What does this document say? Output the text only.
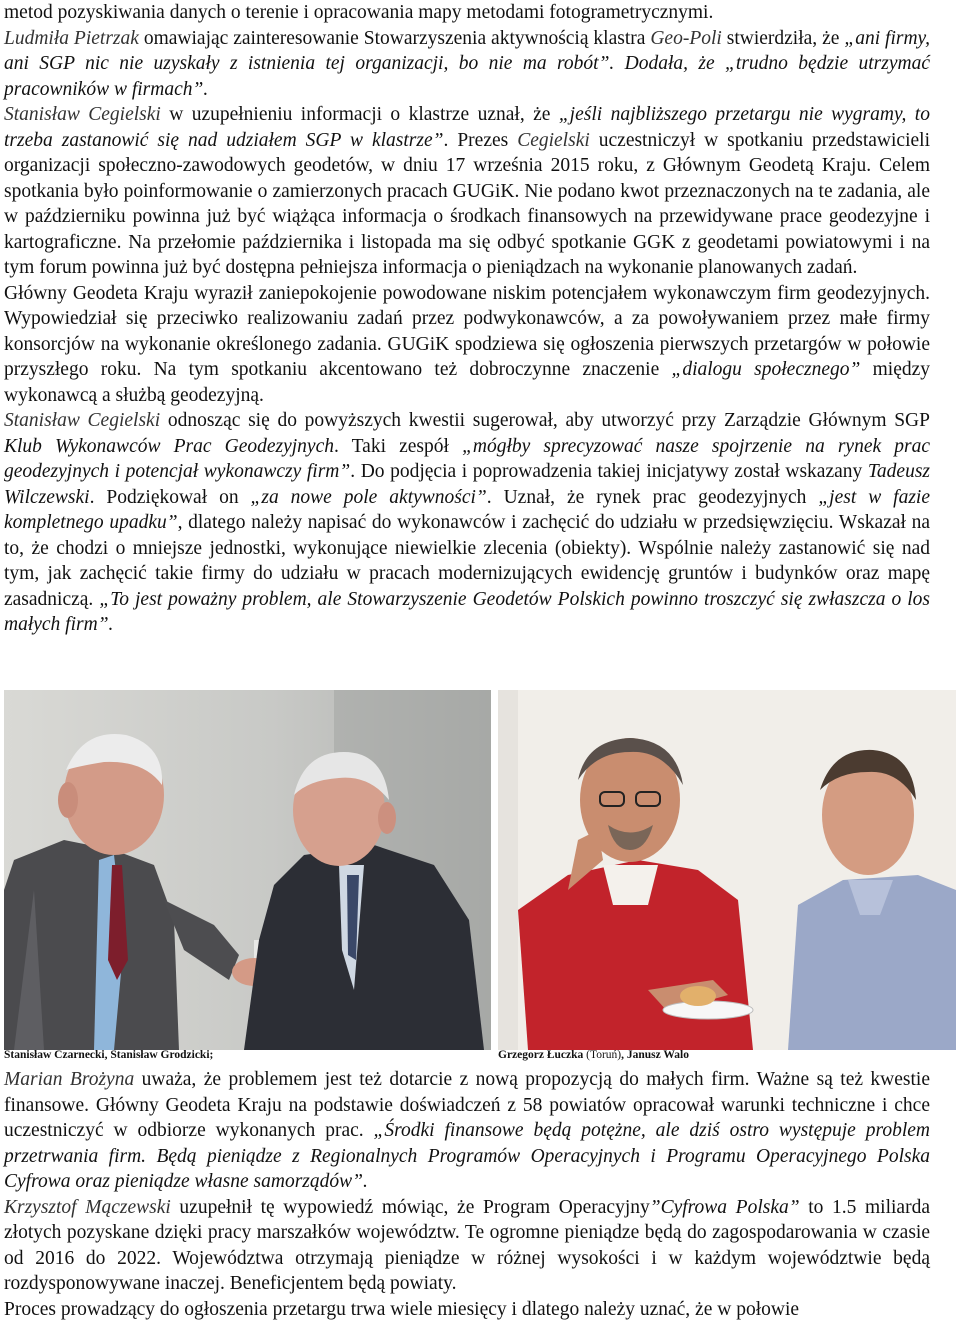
metod pozyskiwania danych o terenie i opracowania mapy metodami fotogrametrycznymi.

Ludmiła Pietrzak omawiając zainteresowanie Stowarzyszenia aktywnością klastra Geo-Poli stwierdziła, że „ani firmy, ani SGP nic nie uzyskały z istnienia tej organizacji, bo nie ma robót”. Dodała, że „trudno będzie utrzymać pracowników w firmach”.

Stanisław Cegielski w uzupełnieniu informacji o klastrze uznał, że „jeśli najbliższego przetargu nie wygramy, to trzeba zastanowić się nad udziałem SGP w klastrze”. Prezes Cegielski uczestniczył w spotkaniu przedstawicieli organizacji społeczno-zawodowych geodetów, w dniu 17 września 2015 roku, z Głównym Geodetą Kraju. Celem spotkania było poinformowanie o zamierzonych pracach GUGiK. Nie podano kwot przeznaczonych na te zadania, ale w październiku powinna już być wiążąca informacja o środkach finansowych na przewidywane prace geodezyjne i kartograficzne. Na przełomie października i listopada ma się odbyć spotkanie GGK z geodetami powiatowymi i na tym forum powinna już być dostępna pełniejsza informacja o pieniądzach na wykonanie planowanych zadań.

Główny Geodeta Kraju wyraził zaniepokojenie powodowane niskim potencjałem wykonawczym firm geodezyjnych. Wypowiedział się przeciwko realizowaniu zadań przez podwykonawców, a za powoływaniem przez małe firmy konsorcjów na wykonanie określonego zadania. GUGiK spodziewa się ogłoszenia pierwszych przetargów w połowie przyszłego roku. Na tym spotkaniu akcentowano też dobroczynne znaczenie „dialogu społecznego” między wykonawcą a służbą geodezyjną.

Stanisław Cegielski odnosząc się do powyższych kwestii sugerował, aby utworzyć przy Zarządzie Głównym SGP Klub Wykonawców Prac Geodezyjnych. Taki zespół „mógłby sprecyzować nasze spojrzenie na rynek prac geodezyjnych i potencjał wykonawczy firm”. Do podjęcia i poprowadzenia takiej inicjatywy został wskazany Tadeusz Wilczewski. Podziękował on „za nowe pole aktywności”. Uznał, że rynek prac geodezyjnych „jest w fazie kompletnego upadku”, dlatego należy napisać do wykonawców i zachęcić do udziału w przedsięwzięciu. Wskazał na to, że chodzi o mniejsze jednostki, wykonujące niewielkie zlecenia (obiekty). Wspólnie należy zastanowić się nad tym, jak zachęcić takie firmy do udziału w pracach modernizujących ewidencję gruntów i budynków oraz mapę zasadniczą. „To jest poważny problem, ale Stowarzyszenie Geodetów Polskich powinno troszczyć się zwłaszcza o los małych firm”.

Stanisław Czarnecki, Stanisław Grodzicki;	Grzegorz Łuczka (Toruń), Janusz Walo

Marian Brożyna uważa, że problemem jest też dotarcie z nową propozycją do małych firm. Ważne są też kwestie finansowe. Główny Geodeta Kraju na podstawie doświadczeń z 58 powiatów opracował warunki techniczne i chce uczestniczyć w odbiorze wykonanych prac. „Środki finansowe będą potężne, ale dziś ostro występuje problem przetrwania firm. Będą pieniądze z Regionalnych Programów Operacyjnych i Programu Operacyjnego Polska Cyfrowa oraz pieniądze własne samorządów”.

Krzysztof Mączewski uzupełnił tę wypowiedź mówiąc, że Program Operacyjny”Cyfrowa Polska” to 1.5 miliarda złotych pozyskane dzięki pracy marszałków województw. Te ogromne pieniądze będą do zagospodarowania w czasie od 2016 do 2022. Województwa otrzymają pieniądze w różnej wysokości i w każdym województwie będą rozdysponowywane inaczej. Beneficjentem będą powiaty.

Proces prowadzący do ogłoszenia przetargu trwa wiele miesięcy i dlatego należy uznać, że w połowie
